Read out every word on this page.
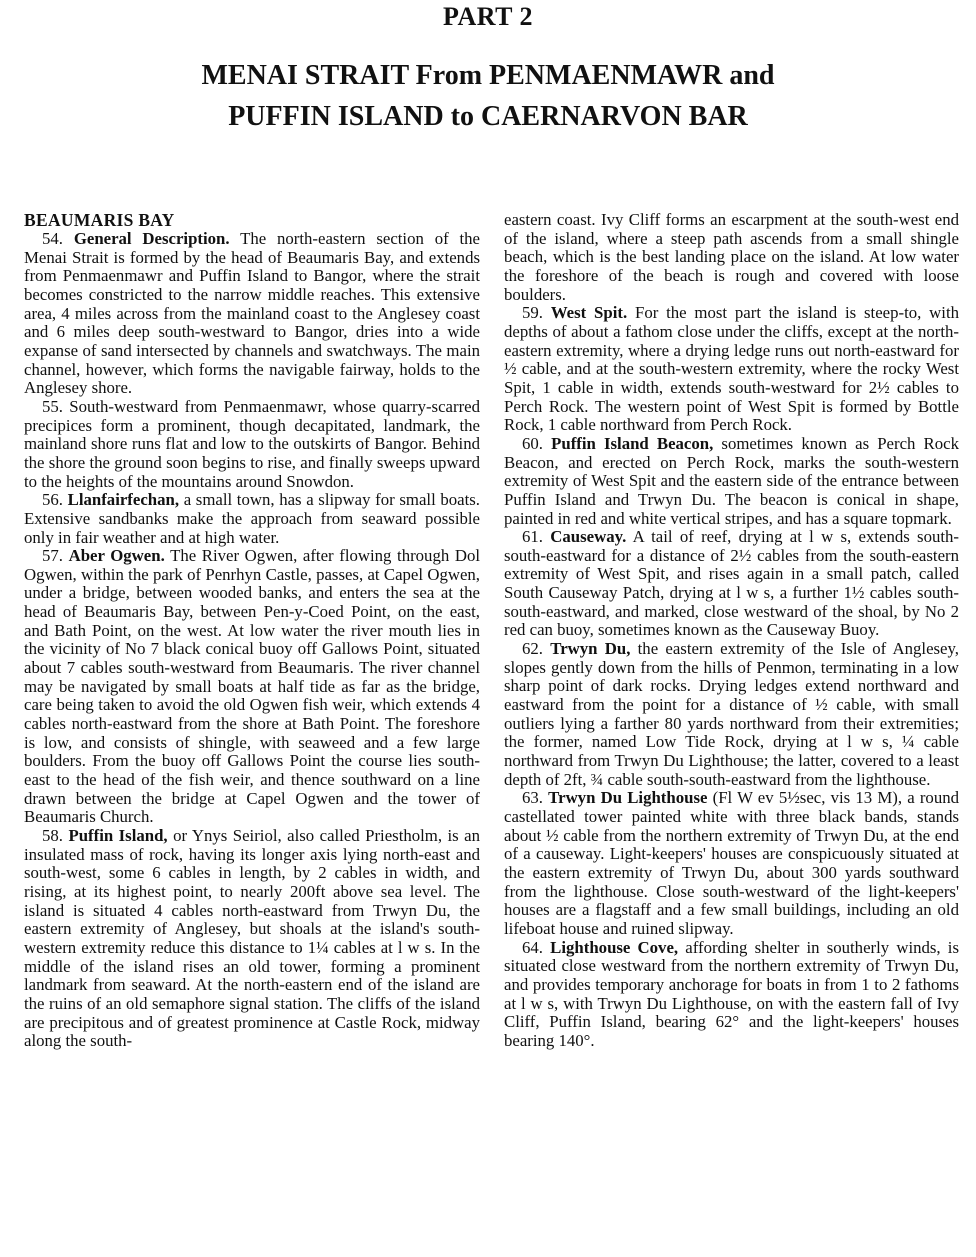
PART 2
MENAI STRAIT From PENMAENMAWR and
PUFFIN ISLAND to CAERNARVON BAR
BEAUMARIS BAY

54. General Description. The north-eastern section of the Menai Strait is formed by the head of Beaumaris Bay, and extends from Penmaenmawr and Puffin Island to Bangor, where the strait becomes constricted to the narrow middle reaches. This extensive area, 4 miles across from the mainland coast to the Anglesey coast and 6 miles deep south-westward to Bangor, dries into a wide expanse of sand intersected by channels and swatchways. The main channel, however, which forms the navigable fairway, holds to the Anglesey shore.

55. South-westward from Penmaenmawr, whose quarry-scarred precipices form a prominent, though decapitated, landmark, the mainland shore runs flat and low to the outskirts of Bangor. Behind the shore the ground soon begins to rise, and finally sweeps upward to the heights of the mountains around Snowdon.

56. Llanfairfechan, a small town, has a slipway for small boats. Extensive sandbanks make the approach from seaward possible only in fair weather and at high water.

57. Aber Ogwen. The River Ogwen, after flowing through Dol Ogwen, within the park of Penrhyn Castle, passes, at Capel Ogwen, under a bridge, between wooded banks, and enters the sea at the head of Beaumaris Bay, between Pen-y-Coed Point, on the east, and Bath Point, on the west. At low water the river mouth lies in the vicinity of No 7 black conical buoy off Gallows Point, situated about 7 cables south-westward from Beaumaris. The river channel may be navigated by small boats at half tide as far as the bridge, care being taken to avoid the old Ogwen fish weir, which extends 4 cables north-eastward from the shore at Bath Point. The foreshore is low, and consists of shingle, with seaweed and a few large boulders. From the buoy off Gallows Point the course lies south-east to the head of the fish weir, and thence southward on a line drawn between the bridge at Capel Ogwen and the tower of Beaumaris Church.

58. Puffin Island, or Ynys Seiriol, also called Priestholm, is an insulated mass of rock, having its longer axis lying north-east and south-west, some 6 cables in length, by 2 cables in width, and rising, at its highest point, to nearly 200ft above sea level. The island is situated 4 cables north-eastward from Trwyn Du, the eastern extremity of Anglesey, but shoals at the island's south-western extremity reduce this distance to 1¼ cables at l w s. In the middle of the island rises an old tower, forming a prominent landmark from seaward. At the north-eastern end of the island are the ruins of an old semaphore signal station. The cliffs of the island are precipitous and of greatest prominence at Castle Rock, midway along the south-

eastern coast. Ivy Cliff forms an escarpment at the south-west end of the island, where a steep path ascends from a small shingle beach, which is the best landing place on the island. At low water the foreshore of the beach is rough and covered with loose boulders.

59. West Spit. For the most part the island is steep-to, with depths of about a fathom close under the cliffs, except at the north-eastern extremity, where a drying ledge runs out north-eastward for ½ cable, and at the south-western extremity, where the rocky West Spit, 1 cable in width, extends south-westward for 2½ cables to Perch Rock. The western point of West Spit is formed by Bottle Rock, 1 cable northward from Perch Rock.

60. Puffin Island Beacon, sometimes known as Perch Rock Beacon, and erected on Perch Rock, marks the south-western extremity of West Spit and the eastern side of the entrance between Puffin Island and Trwyn Du. The beacon is conical in shape, painted in red and white vertical stripes, and has a square topmark.

61. Causeway. A tail of reef, drying at l w s, extends south-south-eastward for a distance of 2½ cables from the south-eastern extremity of West Spit, and rises again in a small patch, called South Causeway Patch, drying at l w s, a further 1½ cables south-south-eastward, and marked, close westward of the shoal, by No 2 red can buoy, sometimes known as the Causeway Buoy.

62. Trwyn Du, the eastern extremity of the Isle of Anglesey, slopes gently down from the hills of Penmon, terminating in a low sharp point of dark rocks. Drying ledges extend northward and eastward from the point for a distance of ½ cable, with small outliers lying a farther 80 yards northward from their extremities; the former, named Low Tide Rock, drying at l w s, ¼ cable northward from Trwyn Du Lighthouse; the latter, covered to a least depth of 2ft, ¾ cable south-south-eastward from the lighthouse.

63. Trwyn Du Lighthouse (Fl W ev 5½sec, vis 13 M), a round castellated tower painted white with three black bands, stands about ½ cable from the northern extremity of Trwyn Du, at the end of a causeway. Light-keepers' houses are conspicuously situated at the eastern extremity of Trwyn Du, about 300 yards southward from the lighthouse. Close south-westward of the light-keepers' houses are a flagstaff and a few small buildings, including an old lifeboat house and ruined slipway.

64. Lighthouse Cove, affording shelter in southerly winds, is situated close westward from the northern extremity of Trwyn Du, and provides temporary anchorage for boats in from 1 to 2 fathoms at l w s, with Trwyn Du Lighthouse, on with the eastern fall of Ivy Cliff, Puffin Island, bearing 62° and the light-keepers' houses bearing 140°.
